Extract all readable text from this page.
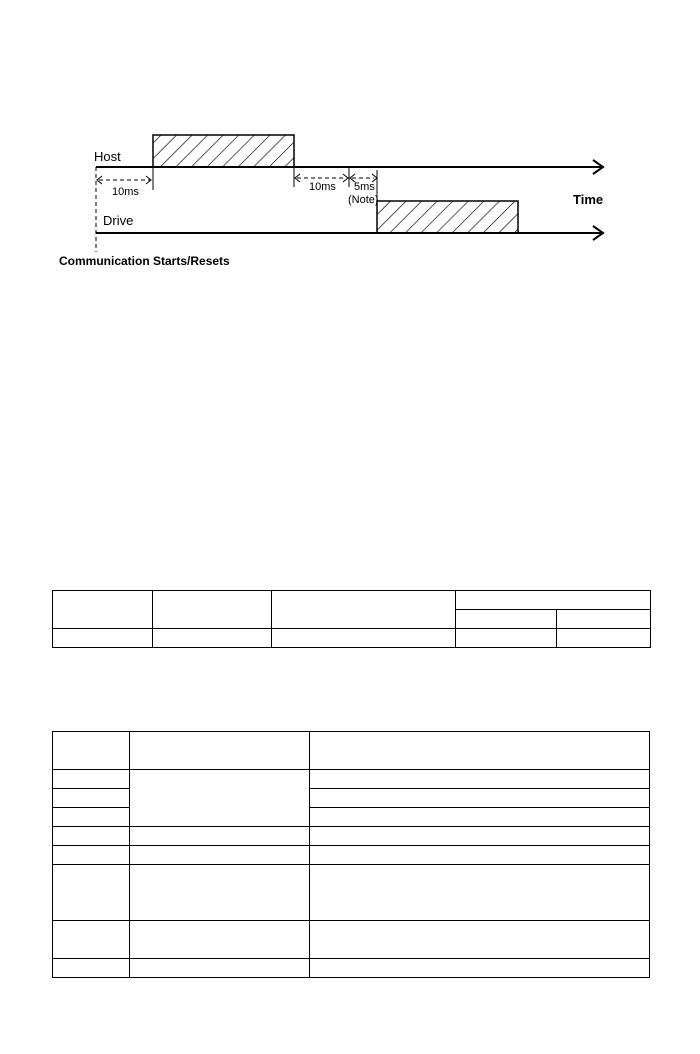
Host
Drive
Time
10ms	10ms 5ms
(Note)
Communication Starts/Resets
